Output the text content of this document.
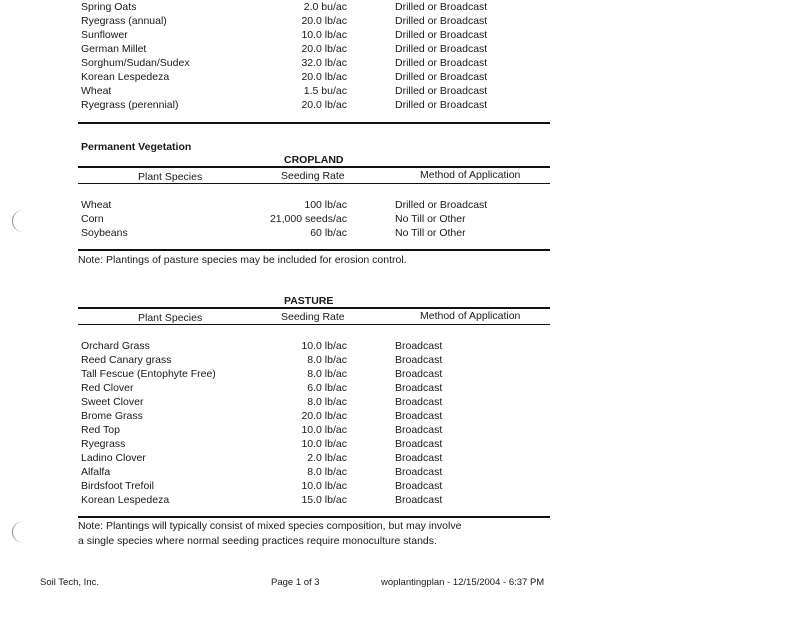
Spring Oats	2.0 bu/ac	Drilled or Broadcast
Ryegrass (annual)	20.0 lb/ac	Drilled or Broadcast
Sunflower	10.0 lb/ac	Drilled or Broadcast
German Millet	20.0 lb/ac	Drilled or Broadcast
Sorghum/Sudan/Sudex	32.0 lb/ac	Drilled or Broadcast
Korean Lespedeza	20.0 lb/ac	Drilled or Broadcast
Wheat	1.5 bu/ac	Drilled or Broadcast
Ryegrass (perennial)	20.0 lb/ac	Drilled or Broadcast
Permanent Vegetation
CROPLAND
Plant Species	Seeding Rate	Method of Application
Wheat	100 lb/ac	Drilled or Broadcast
Corn	21,000 seeds/ac	No Till or Other
Soybeans	60 lb/ac	No Till or Other
Note: Plantings of pasture species may be included for erosion control.
PASTURE
Plant Species	Seeding Rate	Method of Application
Orchard Grass	10.0 lb/ac	Broadcast
Reed Canary grass	8.0 lb/ac	Broadcast
Tall Fescue (Entophyte Free)	8.0 lb/ac	Broadcast
Red Clover	6.0 lb/ac	Broadcast
Sweet Clover	8.0 lb/ac	Broadcast
Brome Grass	20.0 lb/ac	Broadcast
Red Top	10.0 lb/ac	Broadcast
Ryegrass	10.0 lb/ac	Broadcast
Ladino Clover	2.0 lb/ac	Broadcast
Alfalfa	8.0 lb/ac	Broadcast
Birdsfoot Trefoil	10.0 lb/ac	Broadcast
Korean Lespedeza	15.0 lb/ac	Broadcast
Note: Plantings will typically consist of mixed species composition, but may involve
a single species where normal seeding practices require monoculture stands.
Soil Tech, Inc.	Page 1 of 3	woplantingplan - 12/15/2004 - 6:37 PM
